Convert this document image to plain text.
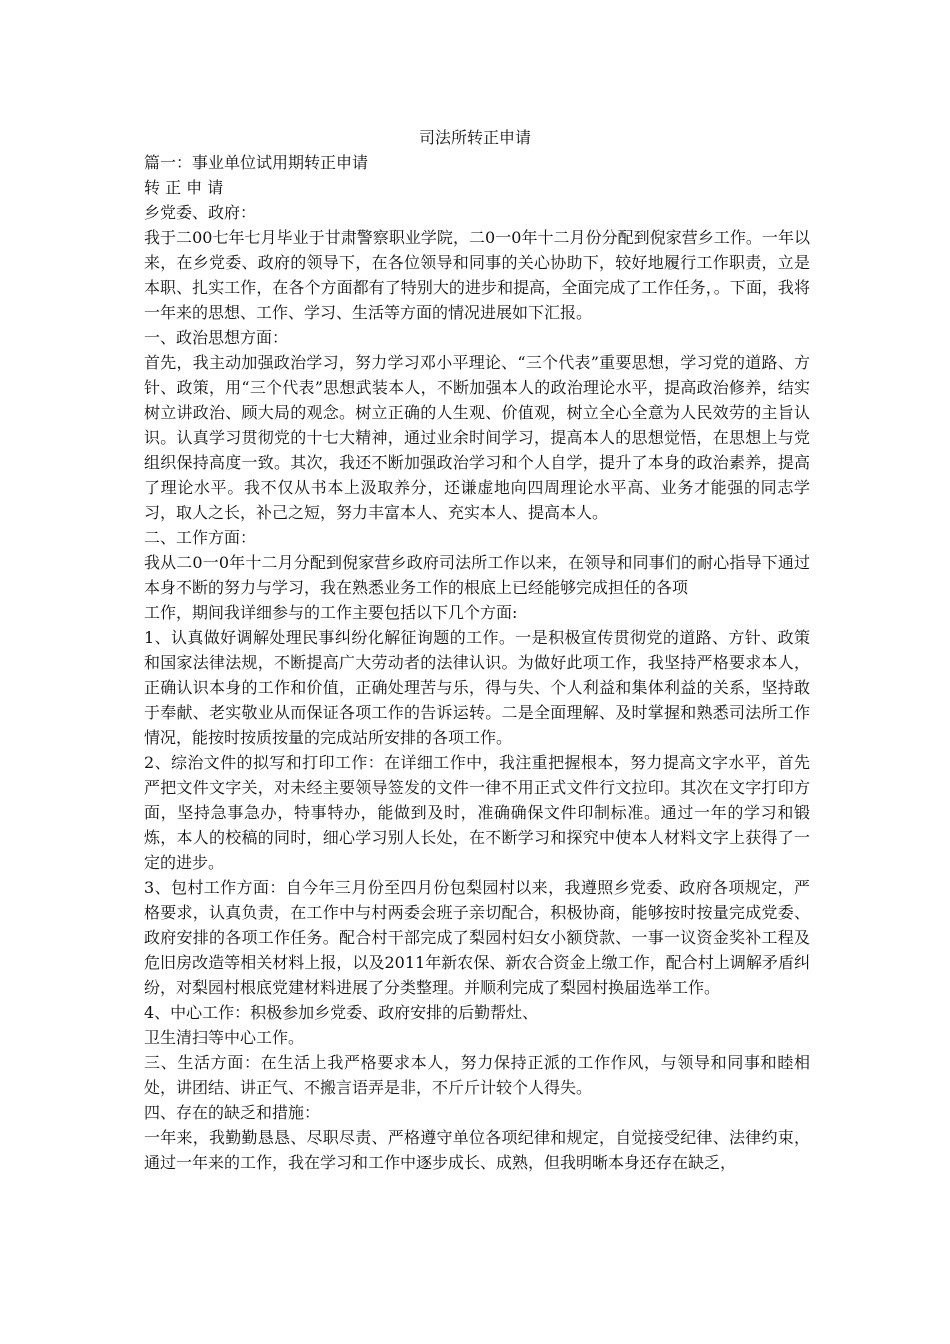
司法所转正申请

篇一：事业单位试用期转正申请

转 正 申 请

乡党委、政府：

我于二00七年七月毕业于甘肃警察职业学院，二0一0年十二月份分配到倪家营乡工作。一年以来，在乡党委、政府的领导下，在各位领导和同事的关心协助下，较好地履行工作职责，立是本职、扎实工作，在各个方面都有了特别大的进步和提高，全面完成了工作任务，。下面，我将一年来的思想、工作、学习、生活等方面的情况进展如下汇报。

一、政治思想方面：

首先，我主动加强政治学习，努力学习邓小平理论、“三个代表”重要思想，学习党的道路、方针、政策，用“三个代表”思想武装本人，不断加强本人的政治理论水平，提高政治修养，结实树立讲政治、顾大局的观念。树立正确的人生观、价值观，树立全心全意为人民效劳的主旨认识。认真学习贯彻党的十七大精神，通过业余时间学习，提高本人的思想觉悟，在思想上与党组织保持高度一致。其次，我还不断加强政治学习和个人自学，提升了本身的政治素养，提高了理论水平。我不仅从书本上汲取养分，还谦虚地向四周理论水平高、业务才能强的同志学习，取人之长，补己之短，努力丰富本人、充实本人、提高本人。

二、工作方面：

我从二0一0年十二月分配到倪家营乡政府司法所工作以来，在领导和同事们的耐心指导下通过本身不断的努力与学习，我在熟悉业务工作的根底上已经能够完成担任的各项

工作，期间我详细参与的工作主要包括以下几个方面:

1、认真做好调解处理民事纠纷化解征询题的工作。一是积极宣传贯彻党的道路、方针、政策和国家法律法规，不断提高广大劳动者的法律认识。为做好此项工作，我坚持严格要求本人，正确认识本身的工作和价值，正确处理苦与乐，得与失、个人利益和集体利益的关系，坚持敢于奉献、老实敬业从而保证各项工作的告诉运转。二是全面理解、及时掌握和熟悉司法所工作情况，能按时按质按量的完成站所安排的各项工作。

2、综治文件的拟写和打印工作：在详细工作中，我注重把握根本，努力提高文字水平，首先严把文件文字关，对未经主要领导签发的文件一律不用正式文件行文拉印。其次在文字打印方面，坚持急事急办，特事特办，能做到及时，准确确保文件印制标准。通过一年的学习和锻炼，本人的校稿的同时，细心学习别人长处，在不断学习和探究中使本人材料文字上获得了一定的进步。

3、包村工作方面：自今年三月份至四月份包梨园村以来，我遵照乡党委、政府各项规定，严格要求，认真负责，在工作中与村两委会班子亲切配合，积极协商，能够按时按量完成党委、政府安排的各项工作任务。配合村干部完成了梨园村妇女小额贷款、一事一议资金奖补工程及危旧房改造等相关材料上报，以及2011年新农保、新农合资金上缴工作，配合村上调解矛盾纠纷，对梨园村根底党建材料进展了分类整理。并顺利完成了梨园村换届选举工作。

4、中心工作：积极参加乡党委、政府安排的后勤帮灶、

卫生清扫等中心工作。

三、生活方面：在生活上我严格要求本人，努力保持正派的工作作风，与领导和同事和睦相处，讲团结、讲正气、不搬言语弄是非，不斤斤计较个人得失。

四、存在的缺乏和措施：

一年来，我勤勤恳恳、尽职尽责、严格遵守单位各项纪律和规定，自觉接受纪律、法律约束，通过一年来的工作，我在学习和工作中逐步成长、成熟，但我明晰本身还存在缺乏，
